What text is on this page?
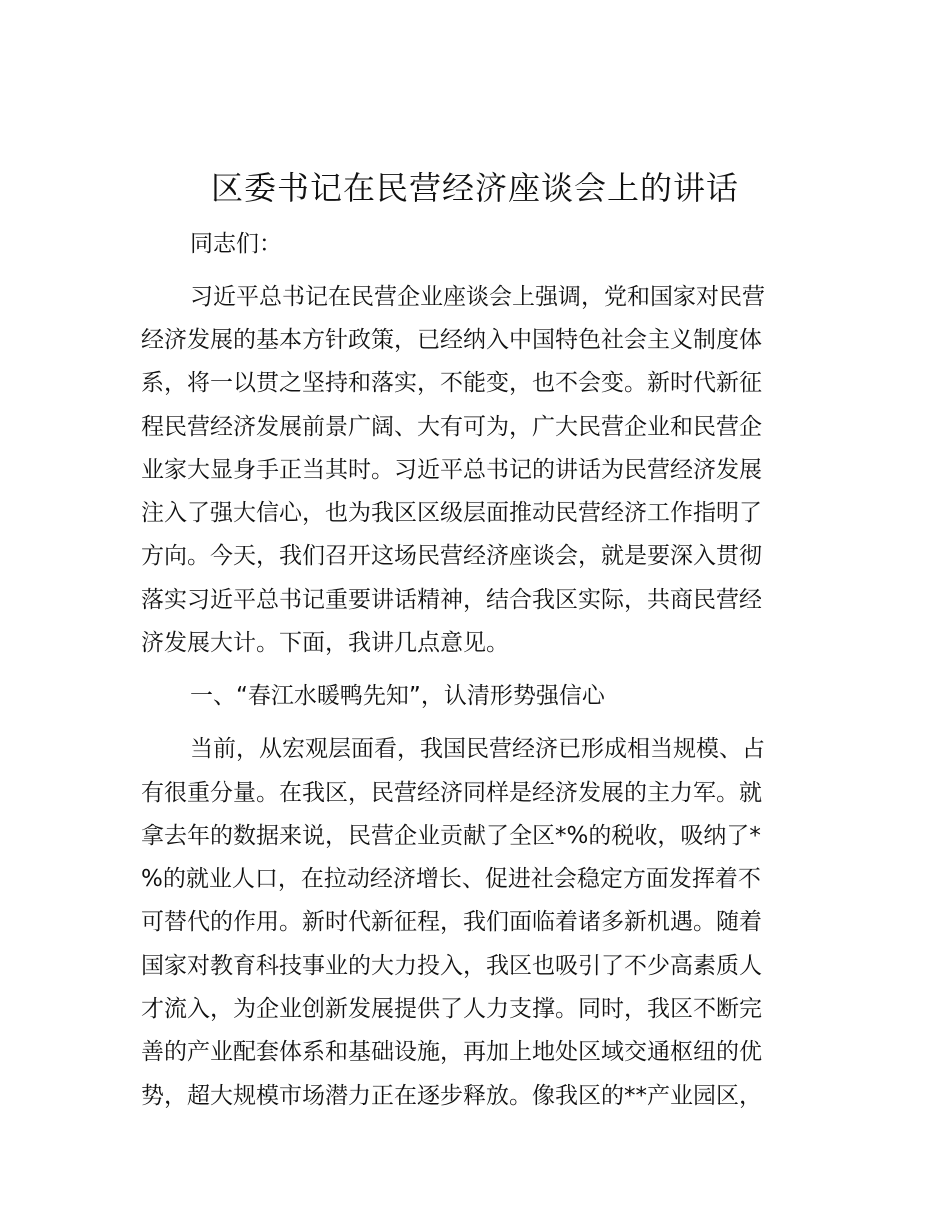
区委书记在民营经济座谈会上的讲话

同志们：

习近平总书记在民营企业座谈会上强调，党和国家对民营

经济发展的基本方针政策，已经纳入中国特色社会主义制度体

系，将一以贯之坚持和落实，不能变，也不会变。新时代新征

程民营经济发展前景广阔、大有可为，广大民营企业和民营企

业家大显身手正当其时。习近平总书记的讲话为民营经济发展

注入了强大信心，也为我区区级层面推动民营经济工作指明了

方向。今天，我们召开这场民营经济座谈会，就是要深入贯彻

落实习近平总书记重要讲话精神，结合我区实际，共商民营经

济发展大计。下面，我讲几点意见。

一、“春江水暖鸭先知”，认清形势强信心

当前，从宏观层面看，我国民营经济已形成相当规模、占

有很重分量。在我区，民营经济同样是经济发展的主力军。就

拿去年的数据来说，民营企业贡献了全区*%的税收，吸纳了*

%的就业人口，在拉动经济增长、促进社会稳定方面发挥着不

可替代的作用。新时代新征程，我们面临着诸多新机遇。随着

国家对教育科技事业的大力投入，我区也吸引了不少高素质人

才流入，为企业创新发展提供了人力支撑。同时，我区不断完

善的产业配套体系和基础设施，再加上地处区域交通枢纽的优

势，超大规模市场潜力正在逐步释放。像我区的**产业园区，
